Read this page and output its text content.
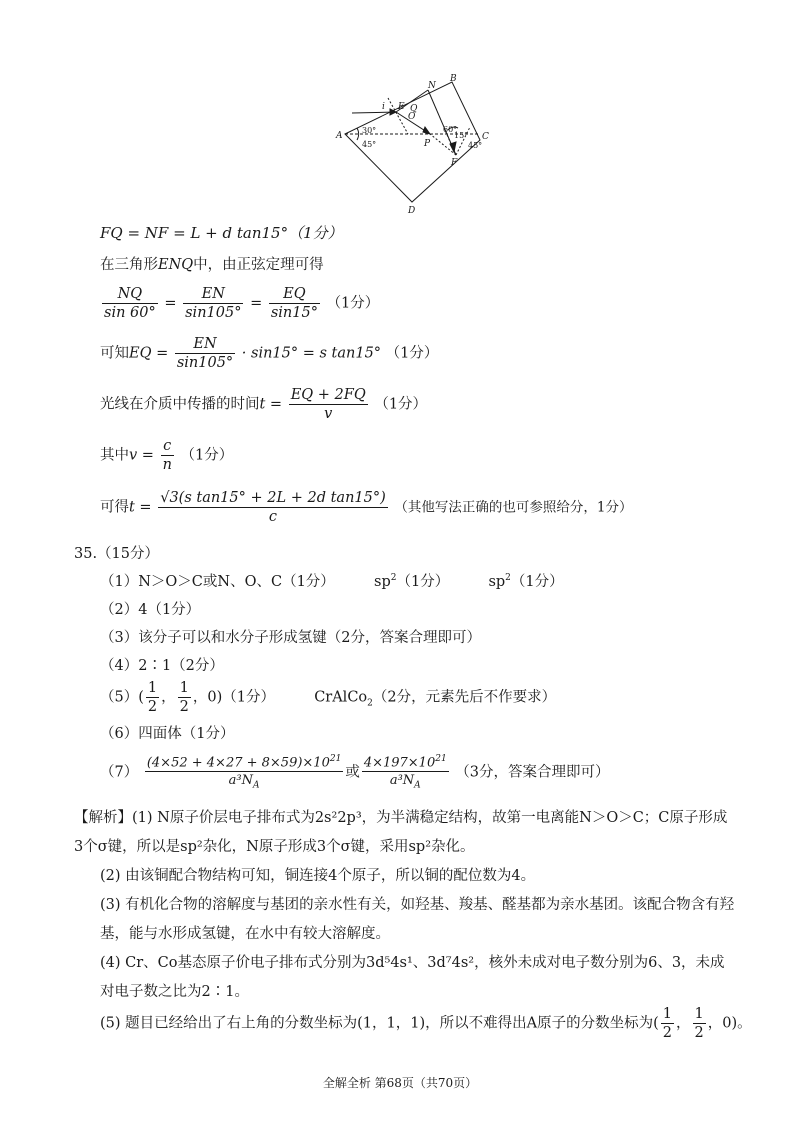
A
B
C
D
N
E
F
O
P
Q
i
30°
45°
60°
45°
15°
FQ = NF = L + d tan15°（1分）
在三角形ENQ中，由正弦定理可得
$\frac{NQ}{\sin 60^\circ} = \frac{EN}{\sin 105^\circ} = \frac{EQ}{\sin 15^\circ} (1$分）
可知EQ = $\frac{EN}{\sin 105^\circ} \cdot \sin 15^\circ = s$ tan15° （1分）
光线在介质中传播的时间$t = \frac{EQ + 2FQ}{v} (1$分）
其中$v = \frac{c}{n} (1$分）
可得$t = \frac{\text{√3(s tan15° + 2L + 2d tan15°)}}{c}$ （其他写法正确的也可参照给分，1分）
35.（15分）
（1）N＞O＞C或N、O、C（1分）	$sp^2(1$分）	$sp^2(1$分）
（2）4（1分）
（3）该分子可以和水分子形成氢键（2分，答案合理即可）
（4）2∶1（2分）
$(5)( \frac{1}{2}$ ， $\frac{1}{2}$ ，0)（1分）	CrAlCo$_2$（2分，元素先后不作要求）
（6）四面体（1分）
$(7) \frac{(4\times 52 + 4\times 27 + 8\times 59)\times 10^{21}}{a^3N_A}$ 或 $\frac{4\times 197\times 10^{21}}{a^3N_A} (3$分，答案合理即可）
【解析】(1) N原子价层电子排布式为2s²2p³，为半满稳定结构，故第一电离能N＞O＞C；C原子形成3个σ键，所以是sp²杂化，N原子形成3个σ键，采用sp²杂化。
(2) 由该铜配合物结构可知，铜连接4个原子，所以铜的配位数为4。
(3) 有机化合物的溶解度与基团的亲水性有关，如羟基、羧基、醛基都为亲水基团。该配合物含有羟基，能与水形成氢键，在水中有较大溶解度。
(4) Cr、Co基态原子价电子排布式分别为3d⁵4s¹、3d⁷4s²，核外未成对电子数分别为6、3，未成对电子数之比为2∶1。
(5) 题目已经给出了右上角的分数坐标为(1，1，1)，所以不难得出A原子的分数坐标为( $\frac{1}{2}$ ， $\frac{1}{2}$ ，0)。
全解全析 第68页（共70页）
